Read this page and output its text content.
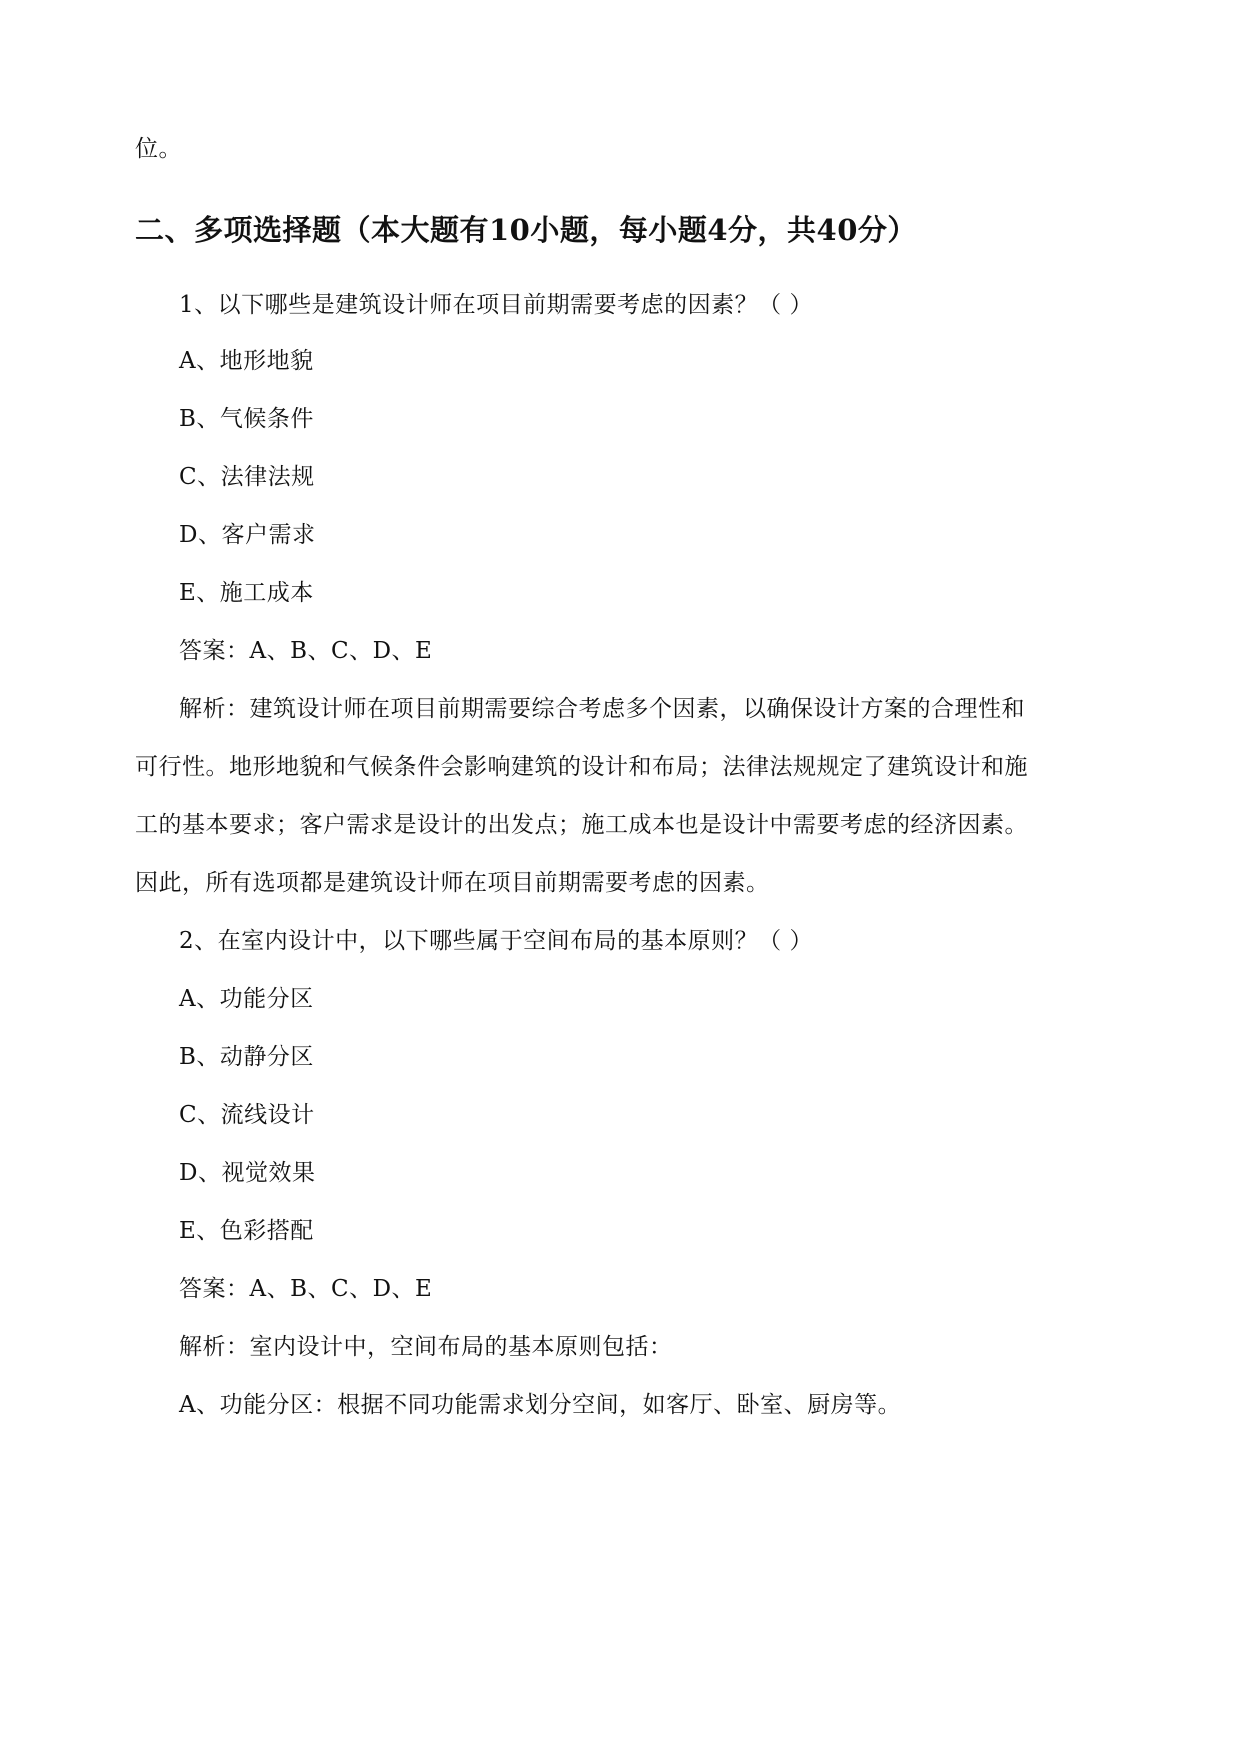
位。
二、多项选择题（本大题有10小题，每小题4分，共40分）
1、以下哪些是建筑设计师在项目前期需要考虑的因素？（ ）
A、地形地貌
B、气候条件
C、法律法规
D、客户需求
E、施工成本
答案：A、B、C、D、E
解析：建筑设计师在项目前期需要综合考虑多个因素，以确保设计方案的合理性和
可行性。地形地貌和气候条件会影响建筑的设计和布局；法律法规规定了建筑设计和施
工的基本要求；客户需求是设计的出发点；施工成本也是设计中需要考虑的经济因素。
因此，所有选项都是建筑设计师在项目前期需要考虑的因素。
2、在室内设计中，以下哪些属于空间布局的基本原则？（ ）
A、功能分区
B、动静分区
C、流线设计
D、视觉效果
E、色彩搭配
答案：A、B、C、D、E
解析：室内设计中，空间布局的基本原则包括：
A、功能分区：根据不同功能需求划分空间，如客厅、卧室、厨房等。
